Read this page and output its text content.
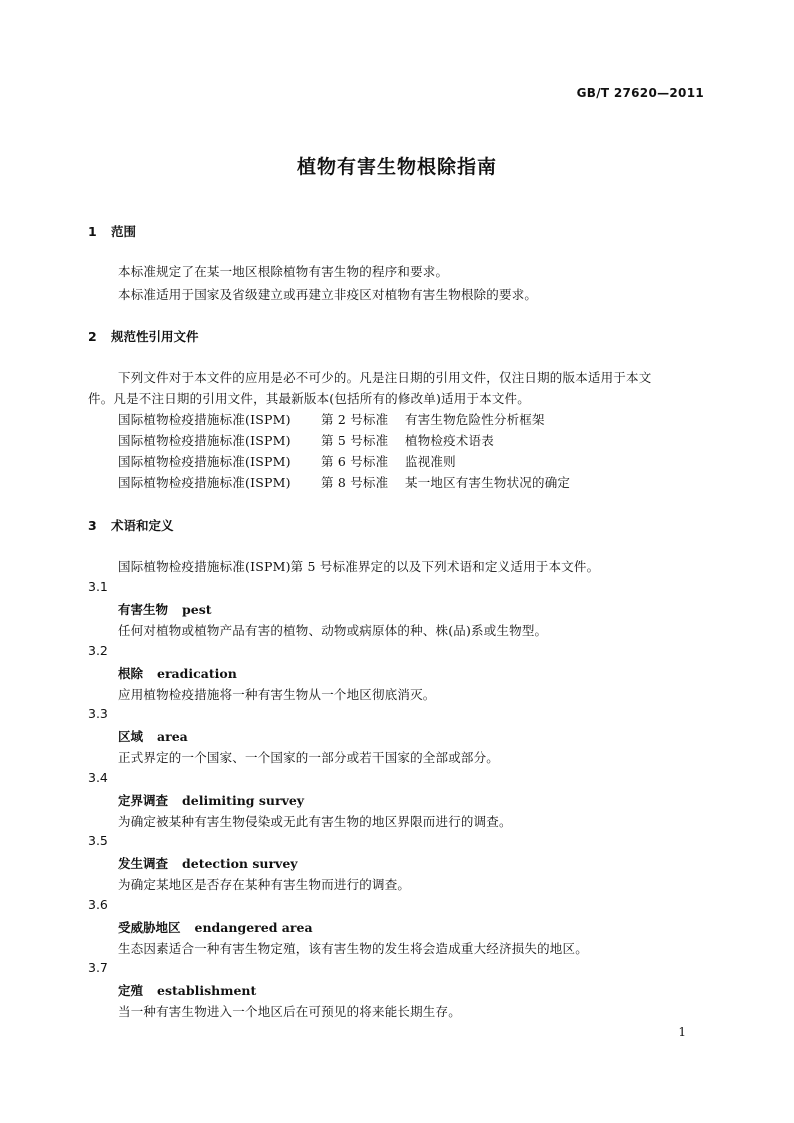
GB/T 27620—2011
植物有害生物根除指南
1 范围
本标准规定了在某一地区根除植物有害生物的程序和要求。
本标准适用于国家及省级建立或再建立非疫区对植物有害生物根除的要求。
2 规范性引用文件
下列文件对于本文件的应用是必不可少的。凡是注日期的引用文件，仅注日期的版本适用于本文
件。凡是不注日期的引用文件，其最新版本(包括所有的修改单)适用于本文件。
国际植物检疫措施标准(ISPM) 第 2 号标准 有害生物危险性分析框架
国际植物检疫措施标准(ISPM) 第 5 号标准 植物检疫术语表
国际植物检疫措施标准(ISPM) 第 6 号标准 监视准则
国际植物检疫措施标准(ISPM) 第 8 号标准 某一地区有害生物状况的确定
3 术语和定义
国际植物检疫措施标准(ISPM)第 5 号标准界定的以及下列术语和定义适用于本文件。
3.1
有害生物 pest
任何对植物或植物产品有害的植物、动物或病原体的种、株(品)系或生物型。
3.2
根除 eradication
应用植物检疫措施将一种有害生物从一个地区彻底消灭。
3.3
区域 area
正式界定的一个国家、一个国家的一部分或若干国家的全部或部分。
3.4
定界调查 delimiting survey
为确定被某种有害生物侵染或无此有害生物的地区界限而进行的调查。
3.5
发生调查 detection survey
为确定某地区是否存在某种有害生物而进行的调查。
3.6
受威胁地区 endangered area
生态因素适合一种有害生物定殖，该有害生物的发生将会造成重大经济损失的地区。
3.7
定殖 establishment
当一种有害生物进入一个地区后在可预见的将来能长期生存。
1
